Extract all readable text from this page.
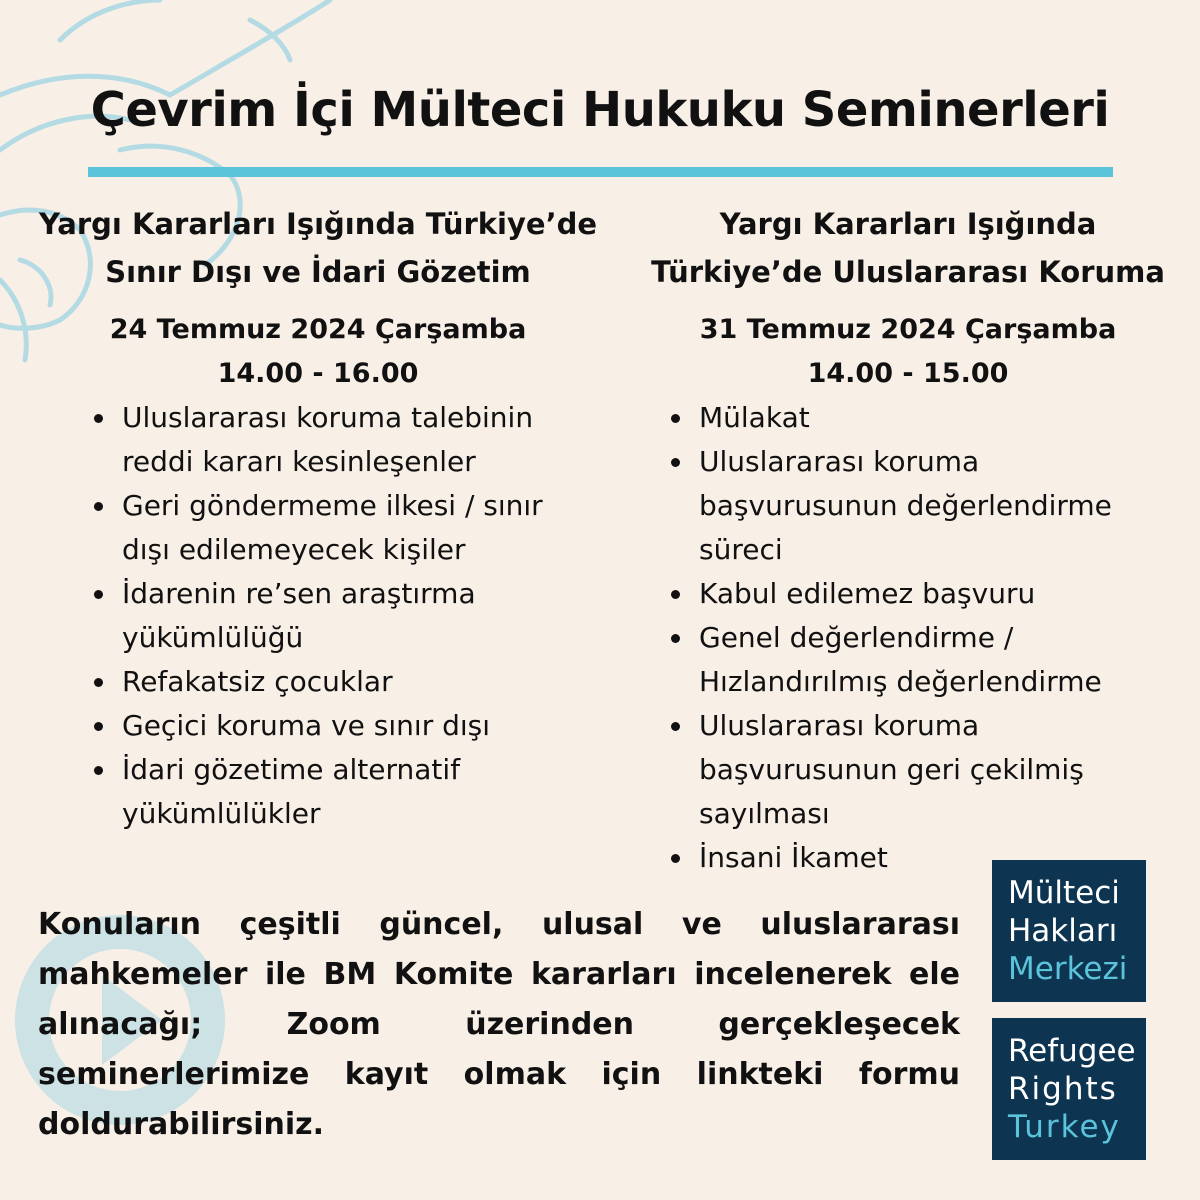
Çevrim İçi Mülteci Hukuku Seminerleri
Yargı Kararları Işığında Türkiye’de
Sınır Dışı ve İdari Gözetim
24 Temmuz 2024 Çarşamba
14.00 - 16.00
Uluslararası koruma talebinin
reddi kararı kesinleşenler
Geri göndermeme ilkesi / sınır
dışı edilemeyecek kişiler
İdarenin re’sen araştırma
yükümlülüğü
Refakatsiz çocuklar
Geçici koruma ve sınır dışı
İdari gözetime alternatif
yükümlülükler
Yargı Kararları Işığında
Türkiye’de Uluslararası Koruma
31 Temmuz 2024 Çarşamba
14.00 - 15.00
Mülakat
Uluslararası koruma
başvurusunun değerlendirme
süreci
Kabul edilemez başvuru
Genel değerlendirme /
Hızlandırılmış değerlendirme
Uluslararası koruma
başvurusunun geri çekilmiş
sayılması
İnsani İkamet

Konuların çeşitli güncel, ulusal ve uluslararası mahkemeler ile BM Komite kararları incelenerek ele alınacağı; Zoom üzerinden gerçekleşecek seminerlerimize kayıt olmak için linkteki formu doldurabilirsiniz.

Mülteci
Hakları
Merkezi
Refugee
Rights
Turkey
